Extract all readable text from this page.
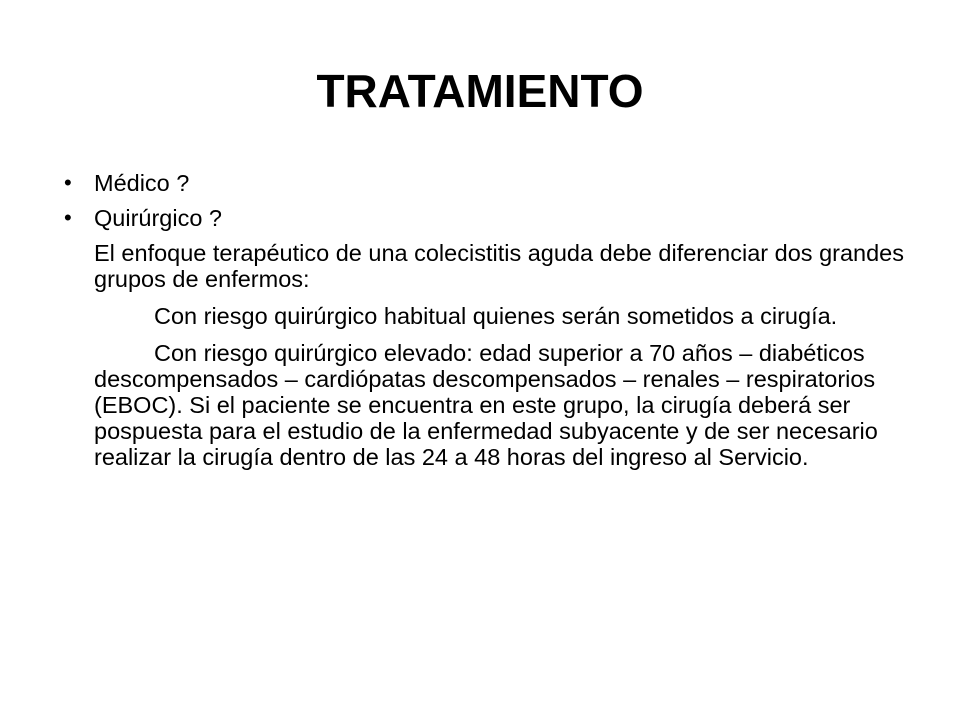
TRATAMIENTO
• Médico ?
• Quirúrgico ?
El enfoque terapéutico de una colecistitis aguda debe diferenciar dos grandes grupos de enfermos:
Con riesgo quirúrgico habitual quienes serán sometidos a cirugía.
Con riesgo quirúrgico elevado: edad superior a 70 años – diabéticos descompensados – cardiópatas descompensados – renales – respiratorios (EBOC). Si el paciente se encuentra en este grupo, la cirugía deberá ser pospuesta para el estudio de la enfermedad subyacente y de ser necesario realizar la cirugía dentro de las 24 a 48 horas del ingreso al Servicio.
